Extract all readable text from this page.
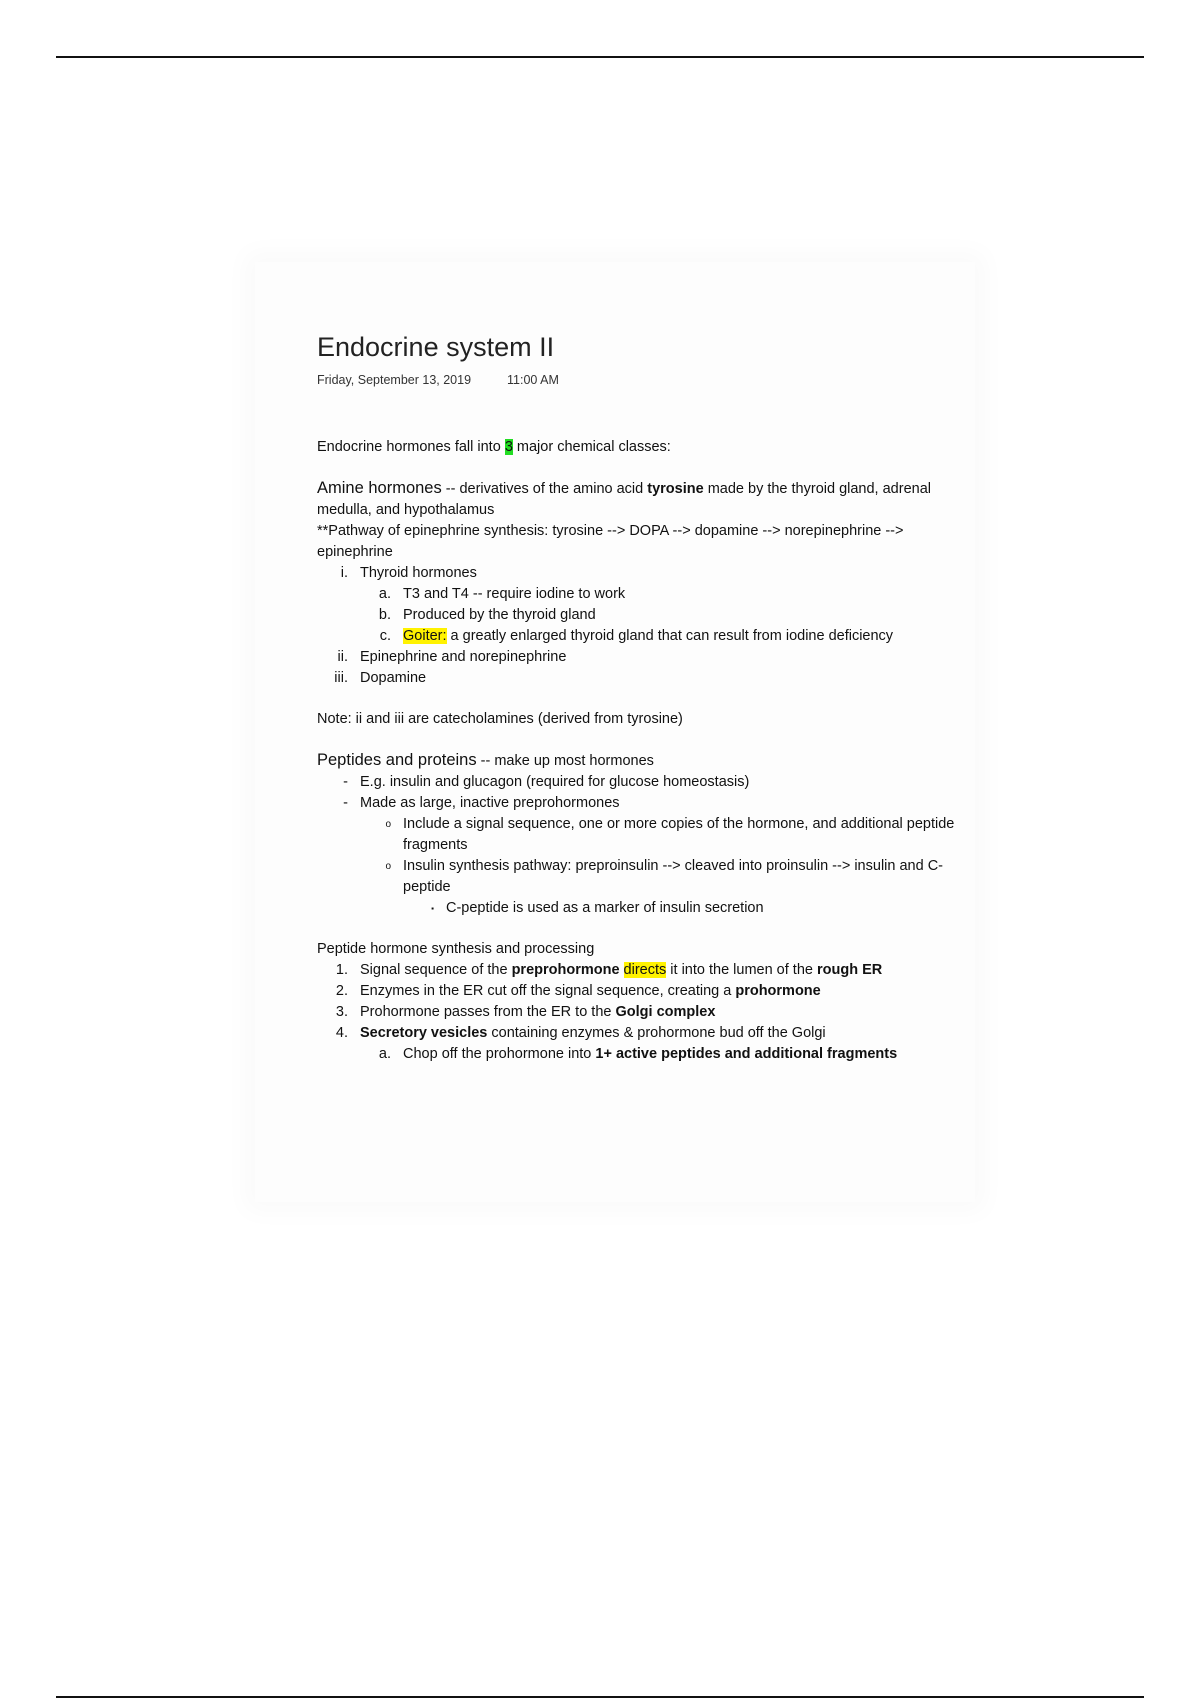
Endocrine system II

Friday, September 13, 2019	11:00 AM

Endocrine hormones fall into 3 major chemical classes:

Amine hormones -- derivatives of the amino acid tyrosine made by the thyroid gland, adrenal medulla, and hypothalamus

**Pathway of epinephrine synthesis: tyrosine --> DOPA --> dopamine --> norepinephrine --> epinephrine

i. Thyroid hormones
a. T3 and T4 -- require iodine to work
b. Produced by the thyroid gland
c. Goiter: a greatly enlarged thyroid gland that can result from iodine deficiency
ii. Epinephrine and norepinephrine
iii. Dopamine

Note: ii and iii are catecholamines (derived from tyrosine)

Peptides and proteins -- make up most hormones

- E.g. insulin and glucagon (required for glucose homeostasis)
- Made as large, inactive preprohormones
o Include a signal sequence, one or more copies of the hormone, and additional peptide fragments
o Insulin synthesis pathway: preproinsulin --> cleaved into proinsulin --> insulin and C-peptide
▪ C-peptide is used as a marker of insulin secretion

Peptide hormone synthesis and processing

1. Signal sequence of the preprohormone directs it into the lumen of the rough ER
2. Enzymes in the ER cut off the signal sequence, creating a prohormone
3. Prohormone passes from the ER to the Golgi complex
4. Secretory vesicles containing enzymes & prohormone bud off the Golgi
a. Chop off the prohormone into 1+ active peptides and additional fragments
